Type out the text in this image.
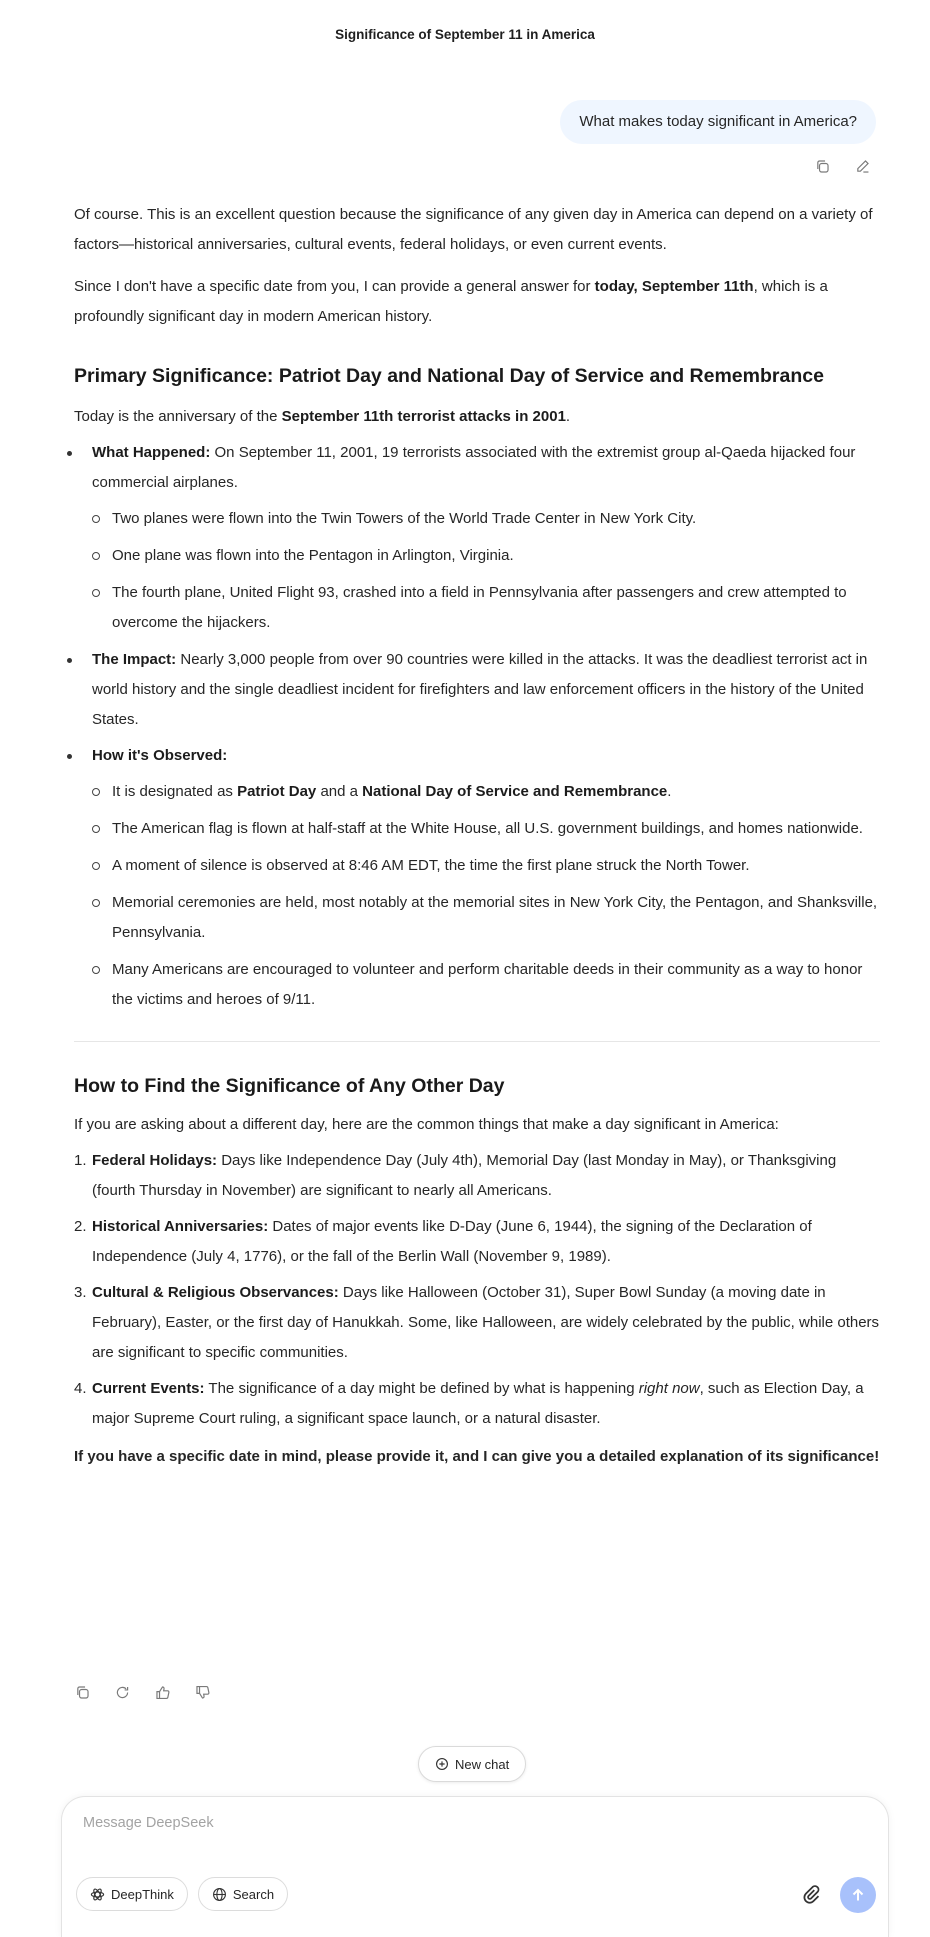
Significance of September 11 in America
What makes today significant in America?

Of course. This is an excellent question because the significance of any given day in America can depend on a variety of factors—historical anniversaries, cultural events, federal holidays, or even current events.

Since I don't have a specific date from you, I can provide a general answer for today, September 11th, which is a profoundly significant day in modern American history.

Primary Significance: Patriot Day and National Day of Service and Remembrance

Today is the anniversary of the September 11th terrorist attacks in 2001.

What Happened: On September 11, 2001, 19 terrorists associated with the extremist group al-Qaeda hijacked four commercial airplanes.
Two planes were flown into the Twin Towers of the World Trade Center in New York City.
One plane was flown into the Pentagon in Arlington, Virginia.
The fourth plane, United Flight 93, crashed into a field in Pennsylvania after passengers and crew attempted to overcome the hijackers.
The Impact: Nearly 3,000 people from over 90 countries were killed in the attacks. It was the deadliest terrorist act in world history and the single deadliest incident for firefighters and law enforcement officers in the history of the United States.
How it's Observed:
It is designated as Patriot Day and a National Day of Service and Remembrance.
The American flag is flown at half-staff at the White House, all U.S. government buildings, and homes nationwide.
A moment of silence is observed at 8:46 AM EDT, the time the first plane struck the North Tower.
Memorial ceremonies are held, most notably at the memorial sites in New York City, the Pentagon, and Shanksville, Pennsylvania.
Many Americans are encouraged to volunteer and perform charitable deeds in their community as a way to honor the victims and heroes of 9/11.
How to Find the Significance of Any Other Day

If you are asking about a different day, here are the common things that make a day significant in America:

Federal Holidays: Days like Independence Day (July 4th), Memorial Day (last Monday in May), or Thanksgiving (fourth Thursday in November) are significant to nearly all Americans.
Historical Anniversaries: Dates of major events like D-Day (June 6, 1944), the signing of the Declaration of Independence (July 4, 1776), or the fall of the Berlin Wall (November 9, 1989).
Cultural & Religious Observances: Days like Halloween (October 31), Super Bowl Sunday (a moving date in February), Easter, or the first day of Hanukkah. Some, like Halloween, are widely celebrated by the public, while others are significant to specific communities.
Current Events: The significance of a day might be defined by what is happening right now, such as Election Day, a major Supreme Court ruling, a significant space launch, or a natural disaster.

If you have a specific date in mind, please provide it, and I can give you a detailed explanation of its significance!

New chat
Message DeepSeek
DeepThink	Search
